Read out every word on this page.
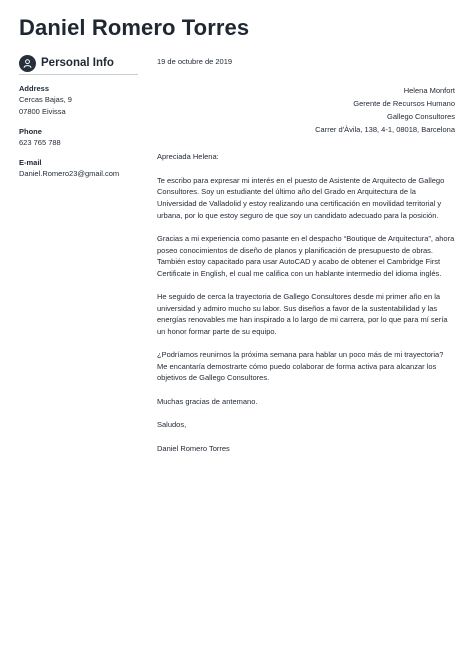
Daniel Romero Torres
Personal Info
Address
Cercas Bajas, 9
07800 Eivissa
Phone
623 765 788
E-mail
Daniel.Romero23@gmail.com
19 de octubre de 2019
Helena Monfort
Gerente de Recursos Humano
Gallego Consultores
Carrer d'Àvila, 138, 4-1, 08018, Barcelona
Apreciada Helena:
Te escribo para expresar mi interés en el puesto de Asistente de Arquitecto de Gallego Consultores. Soy un estudiante del último año del Grado en Arquitectura de la Universidad de Valladolid y estoy realizando una certificación en movilidad territorial y urbana, por lo que estoy seguro de que soy un candidato adecuado para la posición.
Gracias a mi experiencia como pasante en el despacho “Boutique de Arquitectura”, ahora poseo conocimientos de diseño de planos y planificación de presupuesto de obras. También estoy capacitado para usar AutoCAD y acabo de obtener el Cambridge First Certificate in English, el cual me califica con un hablante intermedio del idioma inglés.
He seguido de cerca la trayectoria de Gallego Consultores desde mi primer año en la universidad y admiro mucho su labor. Sus diseños a favor de la sustentabilidad y las energías renovables me han inspirado a lo largo de mi carrera, por lo que para mí sería un honor formar parte de su equipo.
¿Podríamos reunirnos la próxima semana para hablar un poco más de mi trayectoria? Me encantaría demostrarte cómo puedo colaborar de forma activa para alcanzar los objetivos de Gallego Consultores.
Muchas gracias de antemano.
Saludos,
Daniel Romero Torres
